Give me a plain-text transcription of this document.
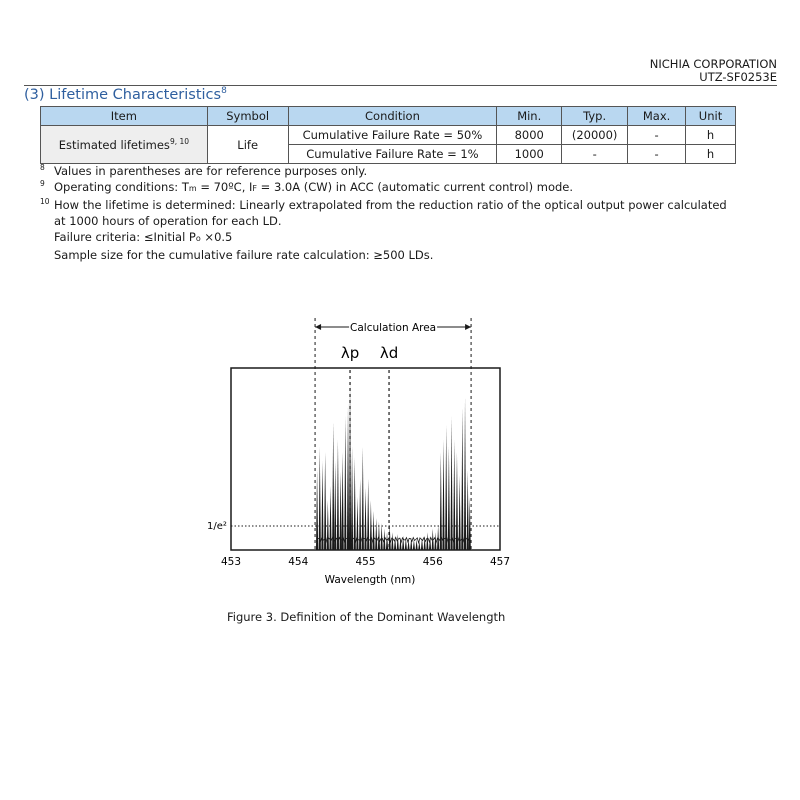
NICHIA CORPORATION
UTZ-SF0253E
(3) Lifetime Characteristics$^8$
Item	Symbol	Condition	Min.	Typ.	Max.	Unit
Estimated lifetimes$^{9, 10}$	Life	Cumulative Failure Rate = 50%	8000	(20000)	-	h
		Cumulative Failure Rate = 1%	1000	-	-	h
8 Values in parentheses are for reference purposes only.
9 Operating conditions: Tm = 70ºC, IF = 3.0A (CW) in ACC (automatic current control) mode.
10 How the lifetime is determined: Linearly extrapolated from the reduction ratio of the optical output power calculated
at 1000 hours of operation for each LD.
Failure criteria: ≤Initial Po ×0.5
Sample size for the cumulative failure rate calculation: ≥500 LDs.
1/e²
Calculation Area
λp λd
453	454	455	456	457
Wavelength (nm)
Figure 3. Definition of the Dominant Wavelength
